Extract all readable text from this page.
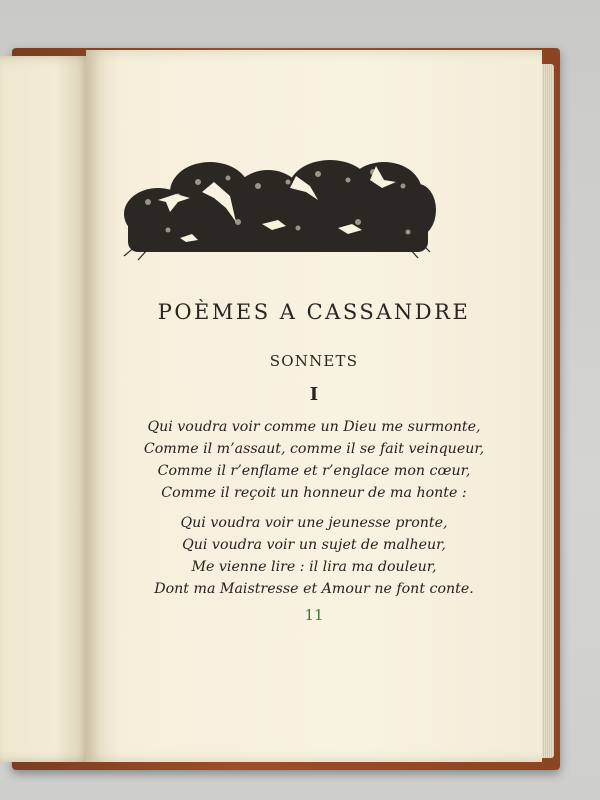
POÈMES A CASSANDRE
SONNETS
I
Qui voudra voir comme un Dieu me surmonte,
Comme il m’assaut, comme il se fait veinqueur,
Comme il r’enflame et r’englace mon cœur,
Comme il reçoit un honneur de ma honte :
Qui voudra voir une jeunesse pronte,
Qui voudra voir un sujet de malheur,
Me vienne lire : il lira ma douleur,
Dont ma Maistresse et Amour ne font conte.
11
